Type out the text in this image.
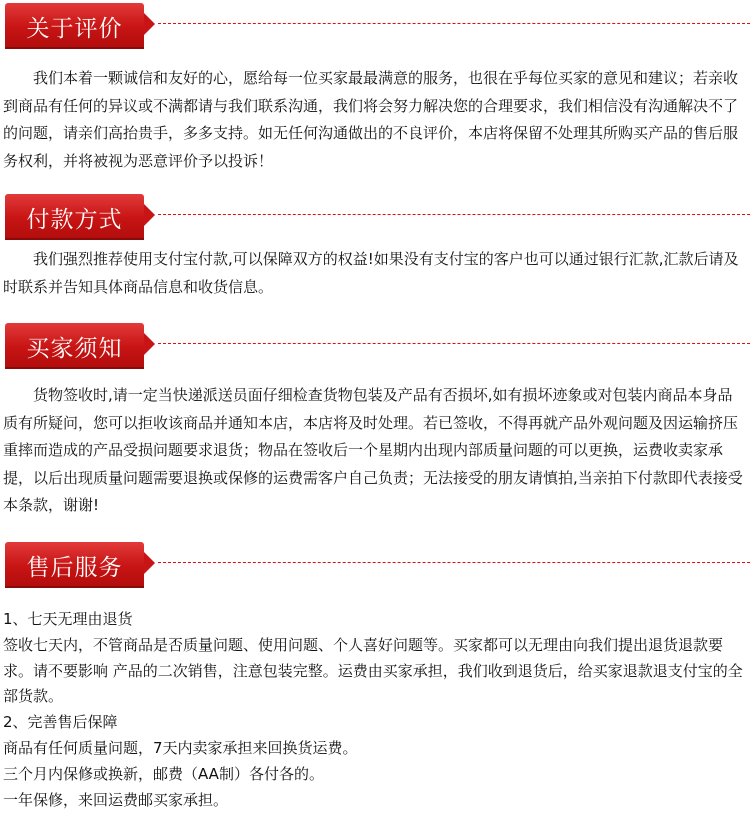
关于评价

我们本着一颗诚信和友好的心，愿给每一位买家最最满意的服务，也很在乎每位买家的意见和建议；若亲收到商品有任何的异议或不满都请与我们联系沟通，我们将会努力解决您的合理要求，我们相信没有沟通解决不了的问题，请亲们高抬贵手，多多支持。如无任何沟通做出的不良评价，本店将保留不处理其所购买产品的售后服务权利，并将被视为恶意评价予以投诉！

付款方式

我们强烈推荐使用支付宝付款,可以保障双方的权益!如果没有支付宝的客户也可以通过银行汇款,汇款后请及时联系并告知具体商品信息和收货信息。

买家须知

货物签收时,请一定当快递派送员面仔细检查货物包装及产品有否损坏,如有损坏迹象或对包装内商品本身品质有所疑问，您可以拒收该商品并通知本店，本店将及时处理。若已签收，不得再就产品外观问题及因运输挤压重摔而造成的产品受损问题要求退货；物品在签收后一个星期内出现内部质量问题的可以更换，运费收卖家承提，以后出现质量问题需要退换或保修的运费需客户自己负责；无法接受的朋友请慎拍,当亲拍下付款即代表接受本条款，谢谢!

售后服务
1、七天无理由退货
签收七天内，不管商品是否质量问题、使用问题、个人喜好问题等。买家都可以无理由向我们提出退货退款要求。请不要影响 产品的二次销售，注意包装完整。运费由买家承担，我们收到退货后，给买家退款退支付宝的全部货款。
2、完善售后保障
商品有任何质量问题，7天内卖家承担来回换货运费。
三个月内保修或换新，邮费（AA制）各付各的。
一年保修，来回运费邮买家承担。
